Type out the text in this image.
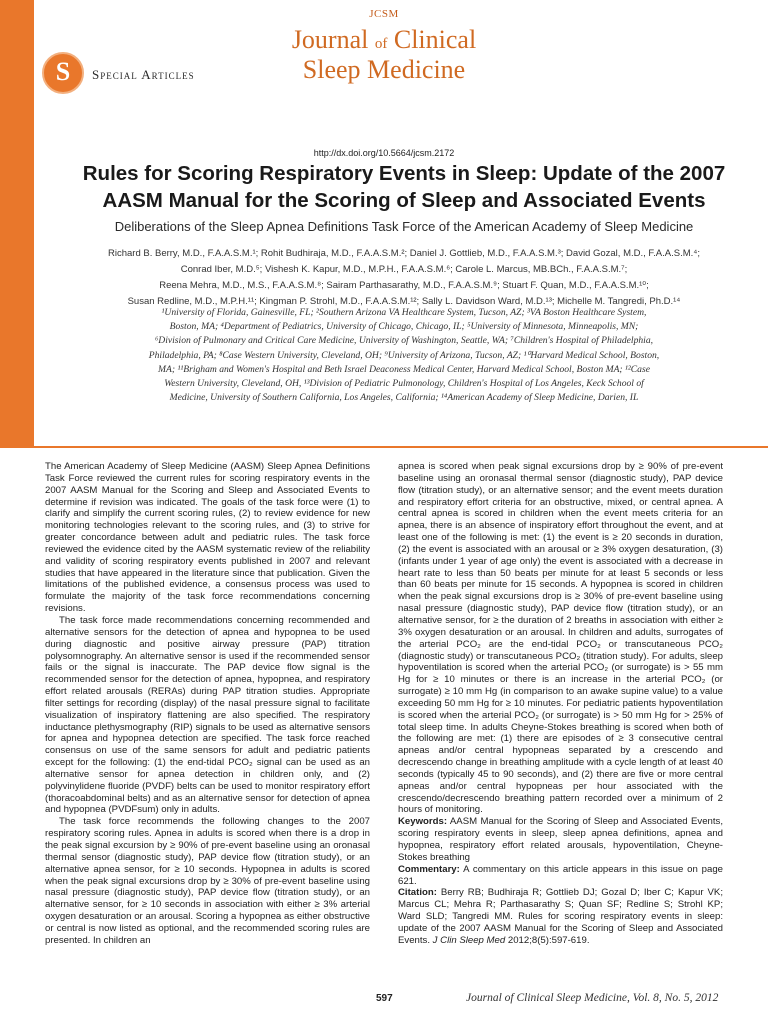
S	Special Articles
JCSM
Journal of Clinical
Sleep Medicine
http://dx.doi.org/10.5664/jcsm.2172
Rules for Scoring Respiratory Events in Sleep: Update of the 2007
AASM Manual for the Scoring of Sleep and Associated Events
Deliberations of the Sleep Apnea Definitions Task Force of the American Academy of Sleep Medicine
Richard B. Berry, M.D., F.A.A.S.M.¹; Rohit Budhiraja, M.D., F.A.A.S.M.²; Daniel J. Gottlieb, M.D., F.A.A.S.M.³; David Gozal, M.D., F.A.A.S.M.⁴;
Conrad Iber, M.D.⁵; Vishesh K. Kapur, M.D., M.P.H., F.A.A.S.M.⁶; Carole L. Marcus, MB.BCh., F.A.A.S.M.⁷;
Reena Mehra, M.D., M.S., F.A.A.S.M.⁸; Sairam Parthasarathy, M.D., F.A.A.S.M.⁹; Stuart F. Quan, M.D., F.A.A.S.M.¹⁰;
Susan Redline, M.D., M.P.H.¹¹; Kingman P. Strohl, M.D., F.A.A.S.M.¹²; Sally L. Davidson Ward, M.D.¹³; Michelle M. Tangredi, Ph.D.¹⁴
¹University of Florida, Gainesville, FL; ²Southern Arizona VA Healthcare System, Tucson, AZ; ³VA Boston Healthcare System,
Boston, MA; ⁴Department of Pediatrics, University of Chicago, Chicago, IL; ⁵University of Minnesota, Minneapolis, MN;
⁶Division of Pulmonary and Critical Care Medicine, University of Washington, Seattle, WA; ⁷Children's Hospital of Philadelphia,
Philadelphia, PA; ⁸Case Western University, Cleveland, OH; ⁹University of Arizona, Tucson, AZ; ¹⁰Harvard Medical School, Boston,
MA; ¹¹Brigham and Women's Hospital and Beth Israel Deaconess Medical Center, Harvard Medical School, Boston MA; ¹²Case
Western University, Cleveland, OH, ¹³Division of Pediatric Pulmonology, Children's Hospital of Los Angeles, Keck School of
Medicine, University of Southern California, Los Angeles, California; ¹⁴American Academy of Sleep Medicine, Darien, IL

The American Academy of Sleep Medicine (AASM) Sleep Apnea Definitions Task Force reviewed the current rules for scoring respiratory events in the 2007 AASM Manual for the Scoring and Sleep and Associated Events to determine if revision was indicated. The goals of the task force were (1) to clarify and simplify the current scoring rules, (2) to review evidence for new monitoring technologies relevant to the scoring rules, and (3) to strive for greater concordance between adult and pediatric rules. The task force reviewed the evidence cited by the AASM systematic review of the reliability and validity of scoring respiratory events published in 2007 and relevant studies that have appeared in the literature since that publication. Given the limitations of the published evidence, a consensus process was used to formulate the majority of the task force recommendations concerning revisions.

The task force made recommendations concerning recommended and alternative sensors for the detection of apnea and hypopnea to be used during diagnostic and positive airway pressure (PAP) titration polysomnography. An alternative sensor is used if the recommended sensor fails or the signal is inaccurate. The PAP device flow signal is the recommended sensor for the detection of apnea, hypopnea, and respiratory effort related arousals (RERAs) during PAP titration studies. Appropriate filter settings for recording (display) of the nasal pressure signal to facilitate visualization of inspiratory flattening are also specified. The respiratory inductance plethysmography (RIP) signals to be used as alternative sensors for apnea and hypopnea detection are specified. The task force reached consensus on use of the same sensors for adult and pediatric patients except for the following: (1) the end-tidal PCO₂ signal can be used as an alternative sensor for apnea detection in children only, and (2) polyvinylidene fluoride (PVDF) belts can be used to monitor respiratory effort (thoracoabdominal belts) and as an alternative sensor for detection of apnea and hypopnea (PVDFsum) only in adults.

The task force recommends the following changes to the 2007 respiratory scoring rules. Apnea in adults is scored when there is a drop in the peak signal excursion by ≥ 90% of pre-event baseline using an oronasal thermal sensor (diagnostic study), PAP device flow (titration study), or an alternative apnea sensor, for ≥ 10 seconds. Hypopnea in adults is scored when the peak signal excursions drop by ≥ 30% of pre-event baseline using nasal pressure (diagnostic study), PAP device flow (titration study), or an alternative sensor, for ≥ 10 seconds in association with either ≥ 3% arterial oxygen desaturation or an arousal. Scoring a hypopnea as either obstructive or central is now listed as optional, and the recommended scoring rules are presented. In children an

apnea is scored when peak signal excursions drop by ≥ 90% of pre-event baseline using an oronasal thermal sensor (diagnostic study), PAP device flow (titration study), or an alternative sensor; and the event meets duration and respiratory effort criteria for an obstructive, mixed, or central apnea. A central apnea is scored in children when the event meets criteria for an apnea, there is an absence of inspiratory effort throughout the event, and at least one of the following is met: (1) the event is ≥ 20 seconds in duration, (2) the event is associated with an arousal or ≥ 3% oxygen desaturation, (3) (infants under 1 year of age only) the event is associated with a decrease in heart rate to less than 50 beats per minute for at least 5 seconds or less than 60 beats per minute for 15 seconds. A hypopnea is scored in children when the peak signal excursions drop is ≥ 30% of pre-event baseline using nasal pressure (diagnostic study), PAP device flow (titration study), or an alternative sensor, for ≥ the duration of 2 breaths in association with either ≥ 3% oxygen desaturation or an arousal. In children and adults, surrogates of the arterial PCO₂ are the end-tidal PCO₂ or transcutaneous PCO₂ (diagnostic study) or transcutaneous PCO₂ (titration study). For adults, sleep hypoventilation is scored when the arterial PCO₂ (or surrogate) is > 55 mm Hg for ≥ 10 minutes or there is an increase in the arterial PCO₂ (or surrogate) ≥ 10 mm Hg (in comparison to an awake supine value) to a value exceeding 50 mm Hg for ≥ 10 minutes. For pediatric patients hypoventilation is scored when the arterial PCO₂ (or surrogate) is > 50 mm Hg for > 25% of total sleep time. In adults Cheyne-Stokes breathing is scored when both of the following are met: (1) there are episodes of ≥ 3 consecutive central apneas and/or central hypopneas separated by a crescendo and decrescendo change in breathing amplitude with a cycle length of at least 40 seconds (typically 45 to 90 seconds), and (2) there are five or more central apneas and/or central hypopneas per hour associated with the crescendo/decrescendo breathing pattern recorded over a minimum of 2 hours of monitoring.

Keywords: AASM Manual for the Scoring of Sleep and Associated Events, scoring respiratory events in sleep, sleep apnea definitions, apnea and hypopnea, respiratory effort related arousals, hypoventilation, Cheyne-Stokes breathing

Commentary: A commentary on this article appears in this issue on page 621.

Citation: Berry RB; Budhiraja R; Gottlieb DJ; Gozal D; Iber C; Kapur VK; Marcus CL; Mehra R; Parthasarathy S; Quan SF; Redline S; Strohl KP; Ward SLD; Tangredi MM. Rules for scoring respiratory events in sleep: update of the 2007 AASM Manual for the Scoring of Sleep and Associated Events. J Clin Sleep Med 2012;8(5):597-619.

597	Journal of Clinical Sleep Medicine, Vol. 8, No. 5, 2012
